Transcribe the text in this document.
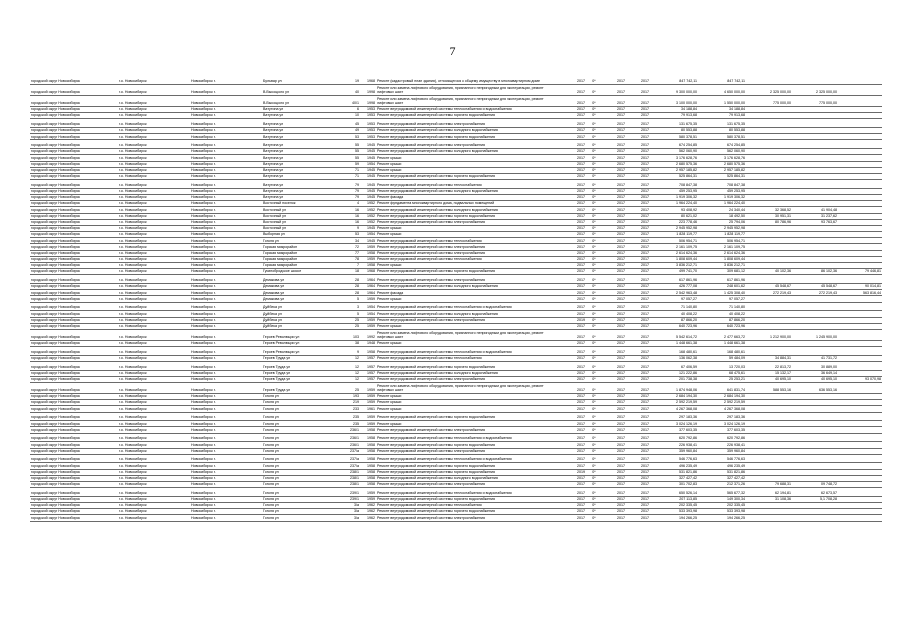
7
городской округ Новосибирск	г.о. Новосибирск	Новосибирск г.	Бульвар ул	19	1968	Ремонт (кадастровый план здания), относящегося к общему имуществу в многоквартирном доме	2017	0*	2017	2017	847 742,11	847 742,11			
городской округ Новосибирск	г.о. Новосибирск	Новосибирск г.	В.Высоцкого ул	40	1998	Ремонт или замена лифтового оборудования, признанного непригодным для эксплуатации, ремонт лифтовых шахт	2017	0*	2017	2017	9 300 000,00	4 650 000,00	2 325 000,00	2 325 000,00	
городской округ Новосибирск	г.о. Новосибирск	Новосибирск г.	В.Высоцкого ул	40/1	1998	Ремонт или замена лифтового оборудования, признанного непригодным для эксплуатации, ремонт лифтовых шахт	2017	0*	2017	2017	3 100 000,00	1 550 000,00	775 000,00	775 000,00	
городской округ Новосибирск	г.о. Новосибирск	Новосибирск г.	Ватутина ул	6	1953	Ремонт внутридомовой инженерной системы теплоснабжения и водоснабжения	2017	0*	2017	2017	34 188,84	34 188,84			
городской округ Новосибирск	г.о. Новосибирск	Новосибирск г.	Ватутина ул	10	1953	Ремонт внутридомовой инженерной системы горячего водоснабжения	2017	0*	2017	2017	79 913,68	79 913,68			

городской округ Новосибирск	г.о. Новосибирск	Новосибирск г.	Ватутина ул	45	1953	Ремонт внутридомовой инженерной системы электроснабжения	2017	0*	2017	2017	131 675,35	131 675,35			
городской округ Новосибирск	г.о. Новосибирск	Новосибирск г.	Ватутина ул	49	1953	Ремонт внутридомовой инженерной системы холодного водоснабжения	2017	0*	2017	2017	80 553,88	80 553,88			
городской округ Новосибирск	г.о. Новосибирск	Новосибирск г.	Ватутина ул	53	1953	Ремонт внутридомовой инженерной системы горячего водоснабжения	2017	0*	2017	2017	580 378,51	580 378,51			

городской округ Новосибирск	г.о. Новосибирск	Новосибирск г.	Ватутина ул	55	1945	Ремонт внутридомовой инженерной системы электроснабжения	2017	0*	2017	2017	674 254,85	674 254,85			
городской округ Новосибирск	г.о. Новосибирск	Новосибирск г.	Ватутина ул	55	1945	Ремонт внутридомовой инженерной системы холодного водоснабжения	2017	0*	2017	2017	562 060,90	562 060,90			
городской округ Новосибирск	г.о. Новосибирск	Новосибирск г.	Ватутина ул	55	1945	Ремонт крыши	2017	0*	2017	2017	3 176 628,76	3 176 628,76			
городской округ Новосибирск	г.о. Новосибирск	Новосибирск г.	Ватутина ул	59	1954	Ремонт крыши	2017	0*	2017	2017	2 680 575,36	2 680 575,36			
городской округ Новосибирск	г.о. Новосибирск	Новосибирск г.	Ватутина ул	71	1945	Ремонт крыши	2017	0*	2017	2017	2 957 185,82	2 957 185,82			
городской округ Новосибирск	г.о. Новосибирск	Новосибирск г.	Ватутина ул	71	1945	Ремонт внутридомовой инженерной системы горячего водоснабжения	2017	0*	2017	2017	525 864,31	525 864,31			

городской округ Новосибирск	г.о. Новосибирск	Новосибирск г.	Ватутина ул	79	1945	Ремонт внутридомовой инженерной системы теплоснабжения	2017	0*	2017	2017	708 847,38	708 847,38			
городской округ Новосибирск	г.о. Новосибирск	Новосибирск г.	Ватутина ул	79	1945	Ремонт внутридомовой инженерной системы холодного водоснабжения	2017	0*	2017	2017	459 253,95	459 253,95			
городской округ Новосибирск	г.о. Новосибирск	Новосибирск г.	Ватутина ул	79	1945	Ремонт фасада	2017	0*	2017	2017	1 919 306,32	1 919 306,32			
городской округ Новосибирск	г.о. Новосибирск	Новосибирск г.	Восточный поселок	4	1952	Ремонт фундамента многоквартирного дома, подвальных помещений	2017	0*	2017	2017	1 964 224,40	1 964 224,40			
городской округ Новосибирск	г.о. Новосибирск	Новосибирск г.	Восточный ул	16	1952	Ремонт внутридомовой инженерной системы холодного водоснабжения	2017	0*	2017	2017	93 408,92	24 340,44	32 368,52	41 904,48	
городской округ Новосибирск	г.о. Новосибирск	Новосибирск г.	Восточный ул	16	1952	Ремонт внутридомовой инженерной системы горячего водоснабжения	2017	0*	2017	2017	80 621,02	18 492,50	30 951,31	31 237,62	
городской округ Новосибирск	г.о. Новосибирск	Новосибирск г.	Восточный ул	16	1952	Ремонт внутридомовой инженерной системы электроснабжения	2017	0*	2017	2017	223 778,46	25 794,06	80 786,96	93 763,67	
городской округ Новосибирск	г.о. Новосибирск	Новосибирск г.	Восточный ул	9	1945	Ремонт крыши	2017	0*	2017	2017	2 945 952,98	2 945 952,98			
городской округ Новосибирск	г.о. Новосибирск	Новосибирск г.	Выборная ул	53	1954	Ремонт крыши	2017	0*	2017	2017	1 828 119,77	1 828 119,77			
городской округ Новосибирск	г.о. Новосибирск	Новосибирск г.	Гоголя ул	34	1945	Ремонт внутридомовой инженерной системы теплоснабжения	2017	0*	2017	2017	506 954,71	506 954,71			
городской округ Новосибирск	г.о. Новосибирск	Новосибирск г.	Горская микрорайон	72	1959	Ремонт внутридомовой инженерной системы электроснабжения	2017	0*	2017	2017	2 161 109,75	2 161 109,75			
городской округ Новосибирск	г.о. Новосибирск	Новосибирск г.	Горская микрорайон	77	1958	Ремонт внутридомовой инженерной системы электроснабжения	2017	0*	2017	2017	2 614 624,36	2 614 624,36			
городской округ Новосибирск	г.о. Новосибирск	Новосибирск г.	Горская микрорайон	78	1959	Ремонт внутридомовой инженерной системы теплоснабжения	2017	0*	2017	2017	1 808 609,44	1 808 609,44			
городской округ Новосибирск	г.о. Новосибирск	Новосибирск г.	Горская микрорайон	7	1958	Ремонт крыши	2017	0*	2017	2017	3 836 212,71	3 836 212,71			
городской округ Новосибирск	г.о. Новосибирск	Новосибирск г.	Гусинобродское шоссе	18	1968	Ремонт внутридомовой инженерной системы горячего водоснабжения	2017	0*	2017	2017	499 741,70	309 681,12	40 102,36	86 102,36	79 446,81

городской округ Новосибирск	г.о. Новосибирск	Новосибирск г.	Демакова ул	28	1964	Ремонт внутридомовой инженерной системы электроснабжения	2017	0*	2017	2017	617 861,96	617 861,96			
городской округ Новосибирск	г.о. Новосибирск	Новосибирск г.	Демакова ул	28	1964	Ремонт внутридомовой инженерной системы холодного водоснабжения	2017	0*	2017	2017	426 777,08	248 601,62	45 548,67	45 548,67	90 014,81
городской округ Новосибирск	г.о. Новосибирск	Новосибирск г.	Демакова ул	28	1964	Ремонт фасада	2017	0*	2017	2017	2 542 963,48	1 425 308,40	272 219,43	272 219,43	563 816,44
городской округ Новосибирск	г.о. Новосибирск	Новосибирск г.	Демакова ул	5	1959	Ремонт крыши	2017	0*	2017	2017	97 057,27	97 057,27			

городской округ Новосибирск	г.о. Новосибирск	Новосибирск г.	Дуйбека ул	3	1954	Ремонт внутридомовой инженерной системы теплоснабжения и водоснабжения	2017	0*	2017	2017	71 140,80	71 140,80			
городской округ Новосибирск	г.о. Новосибирск	Новосибирск г.	Дуйбека ул	5	1954	Ремонт внутридомовой инженерной системы холодного водоснабжения	2017	0*	2017	2017	40 408,22	40 408,22			
городской округ Новосибирск	г.о. Новосибирск	Новосибирск г.	Дуйбека ул	25	1959	Ремонт внутридомовой инженерной системы электроснабжения	2019	0*	2017	2017	87 866,20	87 866,20			
городской округ Новосибирск	г.о. Новосибирск	Новосибирск г.	Дуйбека ул	25	1959	Ремонт крыши	2017	0*	2017	2017	640 723,96	640 723,96			
городской округ Новосибирск	г.о. Новосибирск	Новосибирск г.	Героев Революции ул	103	1992	Ремонт или замена лифтового оборудования, признанного непригодным для эксплуатации, ремонт лифтовых шахт	2017	0*	2017	2017	5 542 614,72	2 477 663,72	1 212 900,00	1 245 900,00	
городской округ Новосибирск	г.о. Новосибирск	Новосибирск г.	Героев Революции ул	38	1948	Ремонт крыши	2017	0*	2017	2017	1 448 661,38	1 448 661,38			

городской округ Новосибирск	г.о. Новосибирск	Новосибирск г.	Героев Революции ул	9	1958	Ремонт внутридомовой инженерной системы теплоснабжения и водоснабжения	2017	0*	2017	2017	168 480,61	168 480,61			
городской округ Новосибирск	г.о. Новосибирск	Новосибирск г.	Героев Труда ул	12	1957	Ремонт внутридомовой инженерной системы теплоснабжения	2017	0*	2017	2017	136 062,38	59 484,09	34 884,31	41 731,72	

городской округ Новосибирск	г.о. Новосибирск	Новосибирск г.	Героев Труда ул	12	1957	Ремонт внутридомовой инженерной системы горячего водоснабжения	2017	0*	2017	2017	67 406,59	13 720,03	22 813,72	30 889,00	
городской округ Новосибирск	г.о. Новосибирск	Новосибирск г.	Героев Труда ул	12	1957	Ремонт внутридомовой инженерной системы холодного водоснабжения	2017	0*	2017	2017	121 222,86	68 475,61	15 132,17	36 649,14	
городской округ Новосибирск	г.о. Новосибирск	Новосибирск г.	Героев Труда ул	12	1957	Ремонт внутридомовой инженерной системы электроснабжения	2017	0*	2017	2017	201 738,38	25 253,21	40 695,10	40 695,10	93 070,98
городской округ Новосибирск	г.о. Новосибирск	Новосибирск г.	Героев Труда ул	25	1959	Ремонт или замена лифтового оборудования, признанного непригодным для эксплуатации, ремонт лифтовых шахт	2017	0*	2017	2017	1 874 948,06	641 831,74	588 553,16	636 553,16	
городской округ Новосибирск	г.о. Новосибирск	Новосибирск г.	Гоголя ул	193	1959	Ремонт крыши	2017	0*	2017	2017	2 684 194,30	2 684 194,30			
городской округ Новосибирск	г.о. Новосибирск	Новосибирск г.	Гоголя ул	219	1959	Ремонт крыши	2017	0*	2017	2017	2 592 219,59	2 592 219,59			
городской округ Новосибирск	г.о. Новосибирск	Новосибирск г.	Гоголя ул	233	1961	Ремонт крыши	2017	0*	2017	2017	4 267 368,08	4 267 368,08			

городской округ Новосибирск	г.о. Новосибирск	Новосибирск г.	Гоголя ул	235	1959	Ремонт внутридомовой инженерной системы горячего водоснабжения	2017	0*	2017	2017	297 183,36	297 183,36			
городской округ Новосибирск	г.о. Новосибирск	Новосибирск г.	Гоголя ул	235	1959	Ремонт крыши	2017	0*	2017	2017	3 024 126,19	3 024 126,19			
городской округ Новосибирск	г.о. Новосибирск	Новосибирск г.	Гоголя ул	236/1	1958	Ремонт внутридомовой инженерной системы электроснабжения	2017	0*	2017	2017	377 603,35	377 603,35			

городской округ Новосибирск	г.о. Новосибирск	Новосибирск г.	Гоголя ул	236/1	1958	Ремонт внутридомовой инженерной системы теплоснабжения и водоснабжения	2017	0*	2017	2017	620 792,86	620 792,86			
городской округ Новосибирск	г.о. Новосибирск	Новосибирск г.	Гоголя ул	236/1	1958	Ремонт внутридомовой инженерной системы горячего водоснабжения	2017	0*	2017	2017	226 938,41	226 938,41			
городской округ Новосибирск	г.о. Новосибирск	Новосибирск г.	Гоголя ул	237/а	1958	Ремонт внутридомовой инженерной системы электроснабжения	2017	0*	2017	2017	359 960,84	359 960,84			

городской округ Новосибирск	г.о. Новосибирск	Новосибирск г.	Гоголя ул	237/а	1958	Ремонт внутридомовой инженерной системы теплоснабжения и водоснабжения	2017	0*	2017	2017	546 776,63	546 776,63			
городской округ Новосибирск	г.о. Новосибирск	Новосибирск г.	Гоголя ул	237/а	1958	Ремонт внутридомовой инженерной системы горячего водоснабжения	2017	0*	2017	2017	496 235,49	496 235,49			
городской округ Новосибирск	г.о. Новосибирск	Новосибирск г.	Гоголя ул	238/1	1958	Ремонт внутридомовой инженерной системы горячего водоснабжения	2019	0*	2017	2017	531 821,86	531 821,86			
городской округ Новосибирск	г.о. Новосибирск	Новосибирск г.	Гоголя ул	238/1	1958	Ремонт внутридомовой инженерной системы холодного водоснабжения	2017	0*	2017	2017	327 427,42	327 427,42			
городской округ Новосибирск	г.о. Новосибирск	Новосибирск г.	Гоголя ул	238/1	1958	Ремонт внутридомовой инженерной системы электроснабжения	2017	0*	2017	2017	301 702,83	212 371,26	79 688,31	09 748,72	

городской округ Новосибирск	г.о. Новосибирск	Новосибирск г.	Гоголя ул	239/1	1959	Ремонт внутридомовой инженерной системы теплоснабжения и водоснабжения	2017	0*	2017	2017	650 526,14	565 677,32	62 194,81	62 673,57	
городской округ Новосибирск	г.о. Новосибирск	Новосибирск г.	Гоголя ул	239/1	1959	Ремонт внутридомовой инженерной системы горячего водоснабжения	2017	0*	2017	2017	207 113,85	149 300,34	31 108,36	5,1 708,28	
городской округ Новосибирск	г.о. Новосибирск	Новосибирск г.	Гоголя ул	3/а	1962	Ремонт внутридомовой инженерной системы теплоснабжения	2017	0*	2017	2017	202 335,45	202 335,45			
городской округ Новосибирск	г.о. Новосибирск	Новосибирск г.	Гоголя ул	3/а	1962	Ремонт внутридомовой инженерной системы горячего водоснабжения	2017	0*	2017	2017	533 393,98	533 393,98			
городской округ Новосибирск	г.о. Новосибирск	Новосибирск г.	Гоголя ул	3/а	1962	Ремонт внутридомовой инженерной системы электроснабжения	2017	0*	2017	2017	194 266,25	194 266,25			
